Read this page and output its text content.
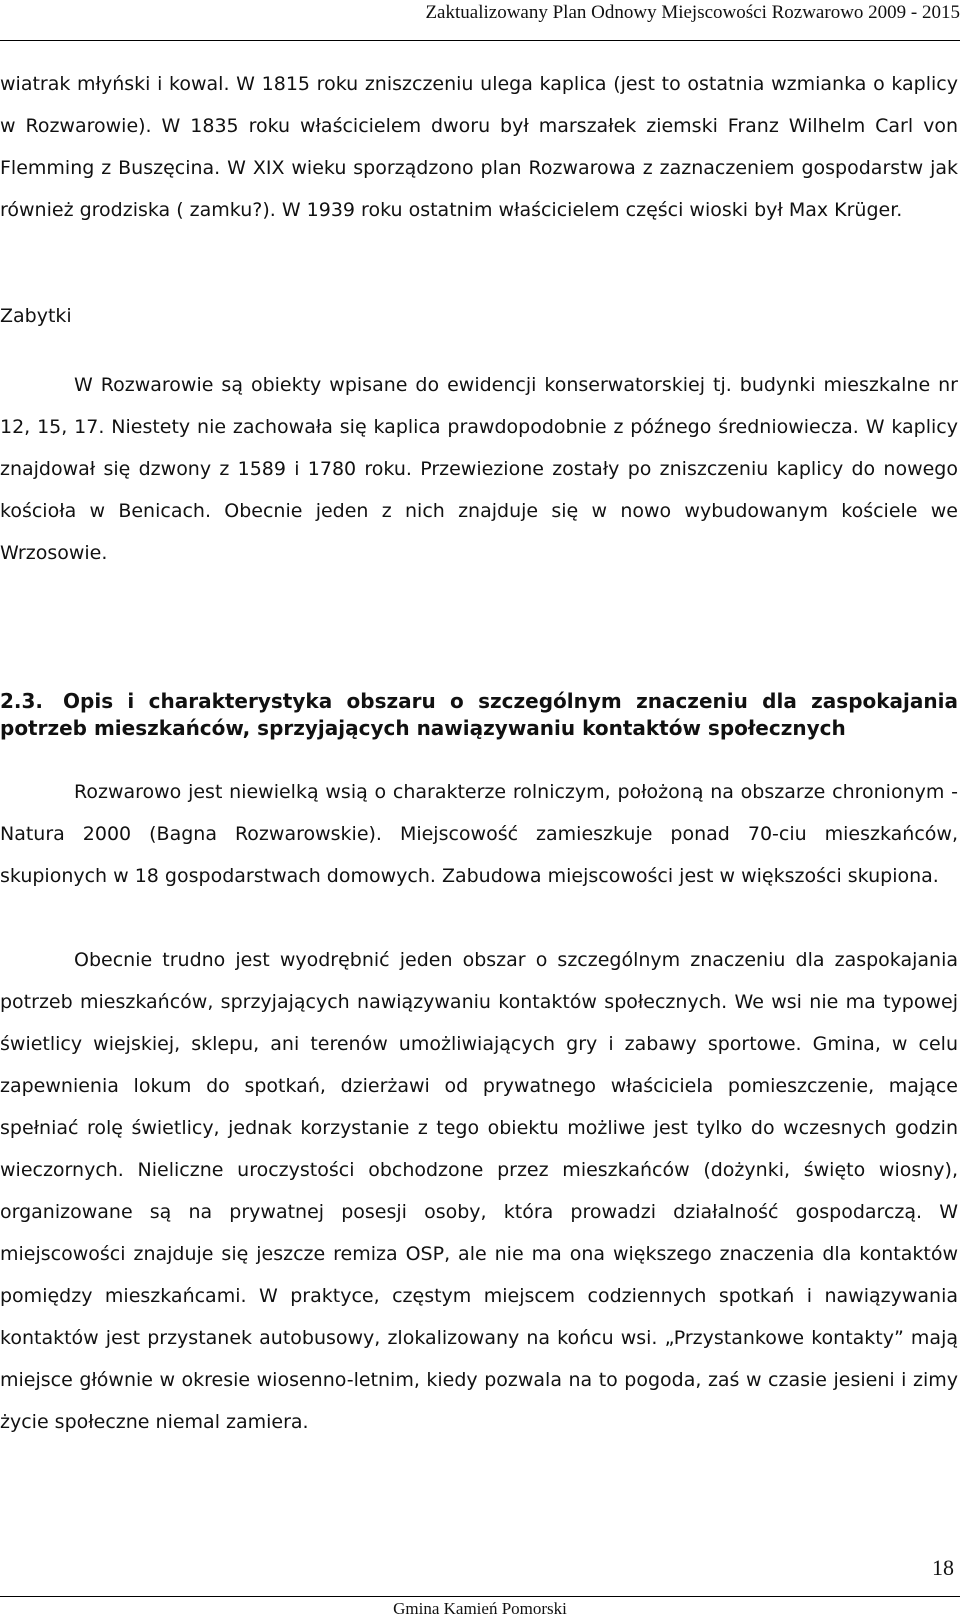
Zaktualizowany Plan Odnowy Miejscowości Rozwarowo 2009 - 2015

wiatrak młyński i kowal. W 1815 roku zniszczeniu ulega kaplica (jest to ostatnia wzmianka o kaplicy w Rozwarowie). W 1835 roku właścicielem dworu był marszałek ziemski Franz Wilhelm Carl von Flemming z Buszęcina. W XIX wieku sporządzono plan Rozwarowa z zaznaczeniem gospodarstw jak również grodziska ( zamku?). W 1939 roku ostatnim właścicielem części wioski był Max Krüger.

Zabytki

W Rozwarowie są obiekty wpisane do ewidencji konserwatorskiej tj. budynki mieszkalne nr 12, 15, 17. Niestety nie zachowała się kaplica prawdopodobnie z późnego średniowiecza. W kaplicy znajdował się dzwony z 1589 i 1780 roku. Przewiezione zostały po zniszczeniu kaplicy do nowego kościoła w Benicach. Obecnie jeden z nich znajduje się w nowo wybudowanym kościele we Wrzosowie.

2.3. Opis i charakterystyka obszaru o szczególnym znaczeniu dla zaspokajania potrzeb mieszkańców, sprzyjających nawiązywaniu kontaktów społecznych

Rozwarowo jest niewielką wsią o charakterze rolniczym, położoną na obszarze chronionym - Natura 2000 (Bagna Rozwarowskie). Miejscowość zamieszkuje ponad 70-ciu mieszkańców, skupionych w 18 gospodarstwach domowych. Zabudowa miejscowości jest w większości skupiona.

Obecnie trudno jest wyodrębnić jeden obszar o szczególnym znaczeniu dla zaspokajania potrzeb mieszkańców, sprzyjających nawiązywaniu kontaktów społecznych. We wsi nie ma typowej świetlicy wiejskiej, sklepu, ani terenów umożliwiających gry i zabawy sportowe. Gmina, w celu zapewnienia lokum do spotkań, dzierżawi od prywatnego właściciela pomieszczenie, mające spełniać rolę świetlicy, jednak korzystanie z tego obiektu możliwe jest tylko do wczesnych godzin wieczornych. Nieliczne uroczystości obchodzone przez mieszkańców (dożynki, święto wiosny), organizowane są na prywatnej posesji osoby, która prowadzi działalność gospodarczą. W miejscowości znajduje się jeszcze remiza OSP, ale nie ma ona większego znaczenia dla kontaktów pomiędzy mieszkańcami. W praktyce, częstym miejscem codziennych spotkań i nawiązywania kontaktów jest przystanek autobusowy, zlokalizowany na końcu wsi. „Przystankowe kontakty” mają miejsce głównie w okresie wiosenno-letnim, kiedy pozwala na to pogoda, zaś w czasie jesieni i zimy życie społeczne niemal zamiera.

18
Gmina Kamień Pomorski
